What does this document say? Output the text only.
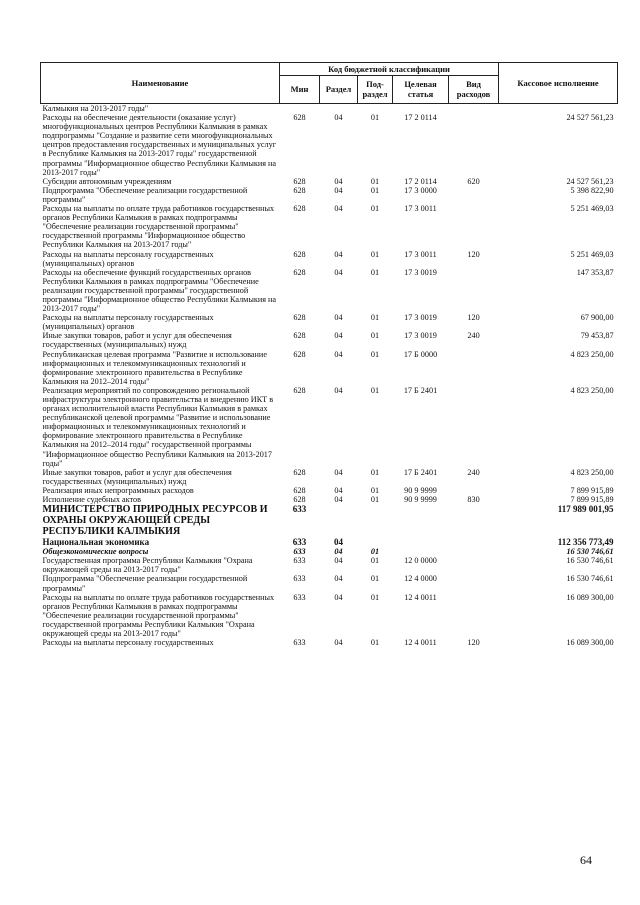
Наименование	Код бюджетной классификации					Кассовое исполнение
	Мин	Раздел	Под-раздел	Целевая статья	Вид расходов	
Калмыкия на 2013-2017 годы"						
Расходы на обеспечение деятельности (оказание услуг) многофункциональных центров Республики Калмыкия в рамках подпрограммы "Создание и развитие сети многофункциональных центров предоставления государственных и муниципальных услуг в Республике Калмыкия на 2013-2017 годы" государственной программы "Информационное общество Республики Калмыкия на 2013-2017 годы"	628	04	01	17 2 0114		24 527 561,23
Субсидии автономным учреждениям	628	04	01	17 2 0114	620	24 527 561,23
Подпрограмма "Обеспечение реализации государственной программы"	628	04	01	17 3 0000		5 398 822,90
Расходы на выплаты по оплате труда работников государственных органов Республики Калмыкия в рамках подпрограммы "Обеспечение реализации государственной программы" государственной программы "Информационное общество Республики Калмыкия на 2013-2017 годы"	628	04	01	17 3 0011		5 251 469,03
Расходы на выплаты персоналу государственных (муниципальных) органов	628	04	01	17 3 0011	120	5 251 469,03
Расходы на обеспечение функций государственных органов Республики Калмыкия в рамках подпрограммы "Обеспечение реализации государственной программы" государственной программы "Информационное общество Республики Калмыкия на 2013-2017 годы"	628	04	01	17 3 0019		147 353,87
Расходы на выплаты персоналу государственных (муниципальных) органов	628	04	01	17 3 0019	120	67 900,00
Иные закупки товаров, работ и услуг для обеспечения государственных (муниципальных) нужд	628	04	01	17 3 0019	240	79 453,87
Республиканская целевая программа "Развитие и использование информационных и телекоммуникационных технологий и формирование электронного правительства в Республике Калмыкия на 2012–2014 годы"	628	04	01	17 Б 0000		4 823 250,00
Реализация мероприятий по сопровождению региональной инфраструктуры электронного правительства и внедрению ИКТ в органах исполнительной власти Республики Калмыкия в рамках республиканской целевой программы "Развитие и использование информационных и телекоммуникационных технологий и формирование электронного правительства в Республике Калмыкия на 2012–2014 годы" государственной программы "Информационное общество Республики Калмыкия на 2013-2017 годы"	628	04	01	17 Б 2401		4 823 250,00
Иные закупки товаров, работ и услуг для обеспечения государственных (муниципальных) нужд	628	04	01	17 Б 2401	240	4 823 250,00
Реализация иных непрограммных расходов	628	04	01	90 9 9999		7 899 915,89
Исполнение судебных актов	628	04	01	90 9 9999	830	7 899 915,89
МИНИСТЕРСТВО ПРИРОДНЫХ РЕСУРСОВ И ОХРАНЫ ОКРУЖАЮЩЕЙ СРЕДЫ РЕСПУБЛИКИ КАЛМЫКИЯ	633					117 989 001,95
Национальная экономика	633	04				112 356 773,49
Общеэкономические вопросы	633	04	01			16 530 746,61
Государственная программа Республики Калмыкия "Охрана окружающей среды на 2013-2017 годы"	633	04	01	12 0 0000		16 530 746,61
Подпрограмма "Обеспечение реализации государственной программы"	633	04	01	12 4 0000		16 530 746,61
Расходы на выплаты по оплате труда работников государственных органов Республики Калмыкия в рамках подпрограммы "Обеспечение реализации государственной программы" государственной программы Республики Калмыкия "Охрана окружающей среды на 2013-2017 годы"	633	04	01	12 4 0011		16 089 300,00
Расходы на выплаты персоналу государственных	633	04	01	12 4 0011	120	16 089 300,00
64
